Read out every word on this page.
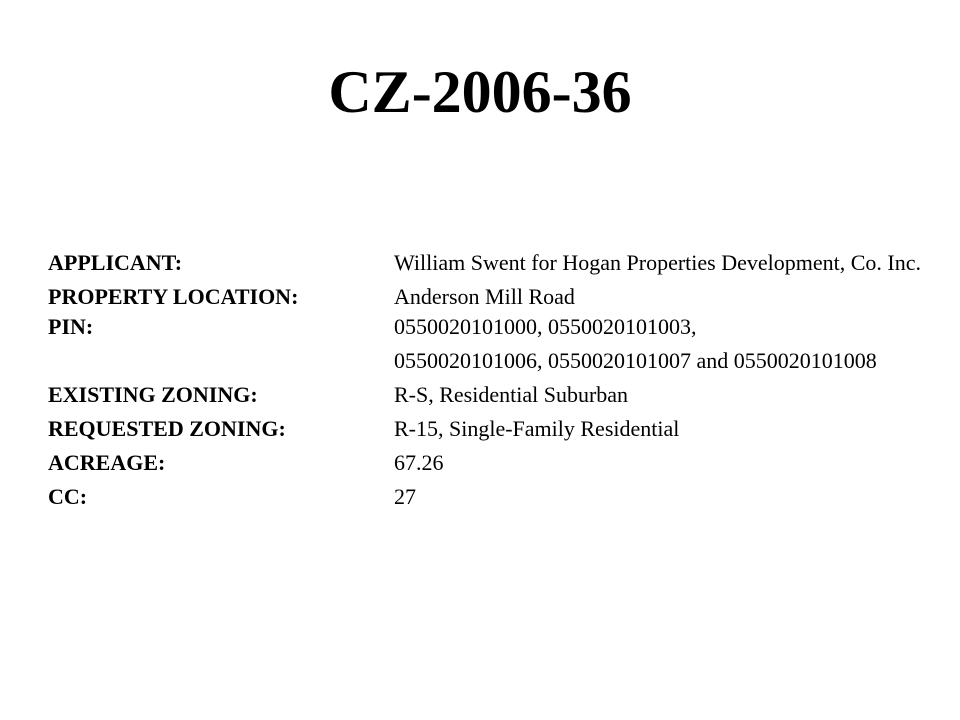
CZ-2006-36
APPLICANT:	William Swent for Hogan Properties Development, Co. Inc.
PROPERTY LOCATION:	Anderson Mill Road
PIN:	0550020101000, 0550020101003,
0550020101006, 0550020101007 and 0550020101008
EXISTING ZONING:	R-S, Residential Suburban
REQUESTED ZONING:	R-15, Single-Family Residential
ACREAGE:	67.26
CC:	27
